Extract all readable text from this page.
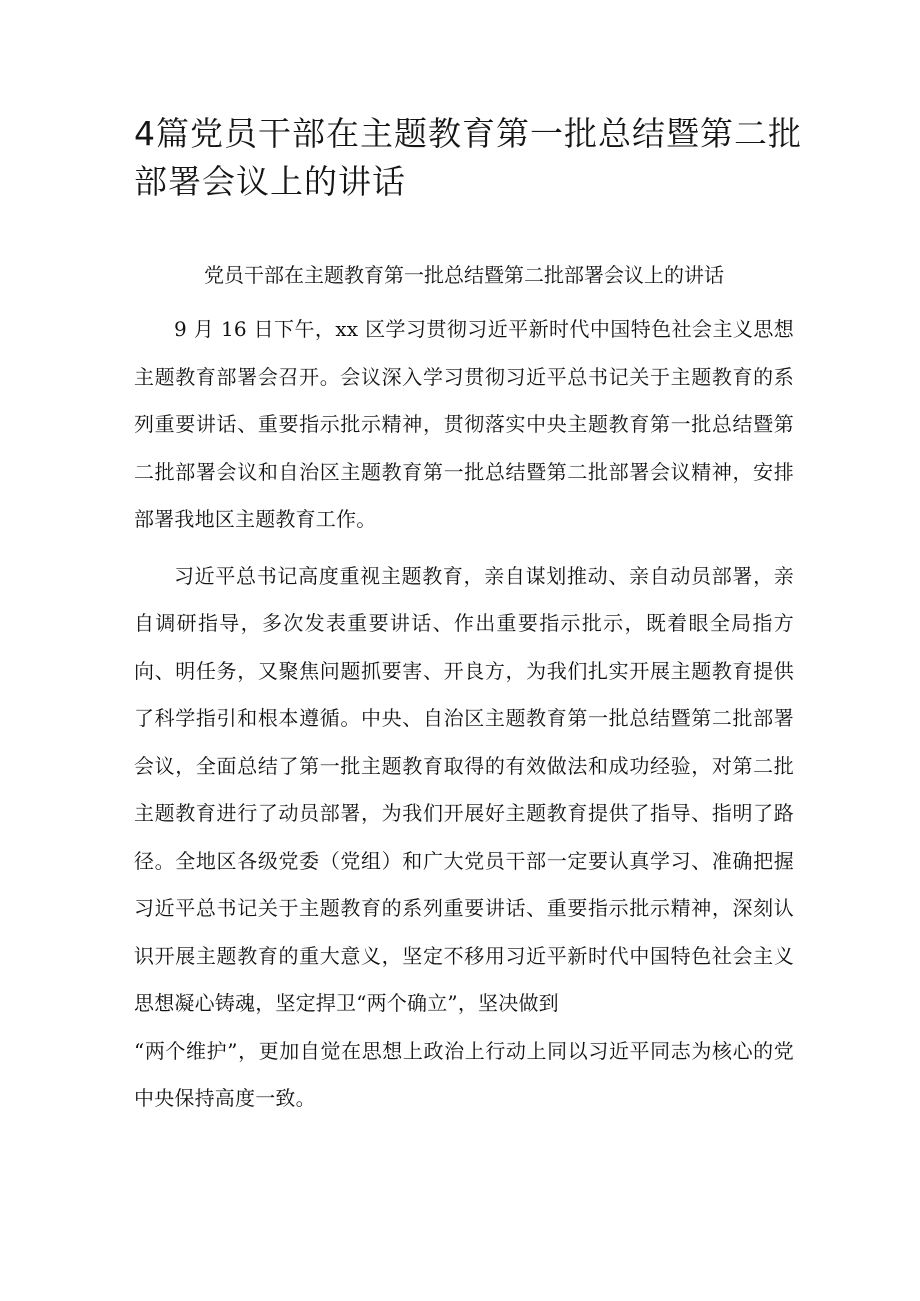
4篇党员干部在主题教育第一批总结暨第二批部署会议上的讲话

党员干部在主题教育第一批总结暨第二批部署会议上的讲话

9 月 16 日下午，xx 区学习贯彻习近平新时代中国特色社会主义思想主题教育部署会召开。会议深入学习贯彻习近平总书记关于主题教育的系列重要讲话、重要指示批示精神，贯彻落实中央主题教育第一批总结暨第二批部署会议和自治区主题教育第一批总结暨第二批部署会议精神，安排部署我地区主题教育工作。

习近平总书记高度重视主题教育，亲自谋划推动、亲自动员部署，亲自调研指导，多次发表重要讲话、作出重要指示批示，既着眼全局指方向、明任务，又聚焦问题抓要害、开良方，为我们扎实开展主题教育提供了科学指引和根本遵循。中央、自治区主题教育第一批总结暨第二批部署会议，全面总结了第一批主题教育取得的有效做法和成功经验，对第二批主题教育进行了动员部署，为我们开展好主题教育提供了指导、指明了路径。全地区各级党委（党组）和广大党员干部一定要认真学习、准确把握习近平总书记关于主题教育的系列重要讲话、重要指示批示精神，深刻认识开展主题教育的重大意义，坚定不移用习近平新时代中国特色社会主义思想凝心铸魂，坚定捍卫“两个确立”，坚决做到

“两个维护”，更加自觉在思想上政治上行动上同以习近平同志为核心的党中央保持高度一致。
